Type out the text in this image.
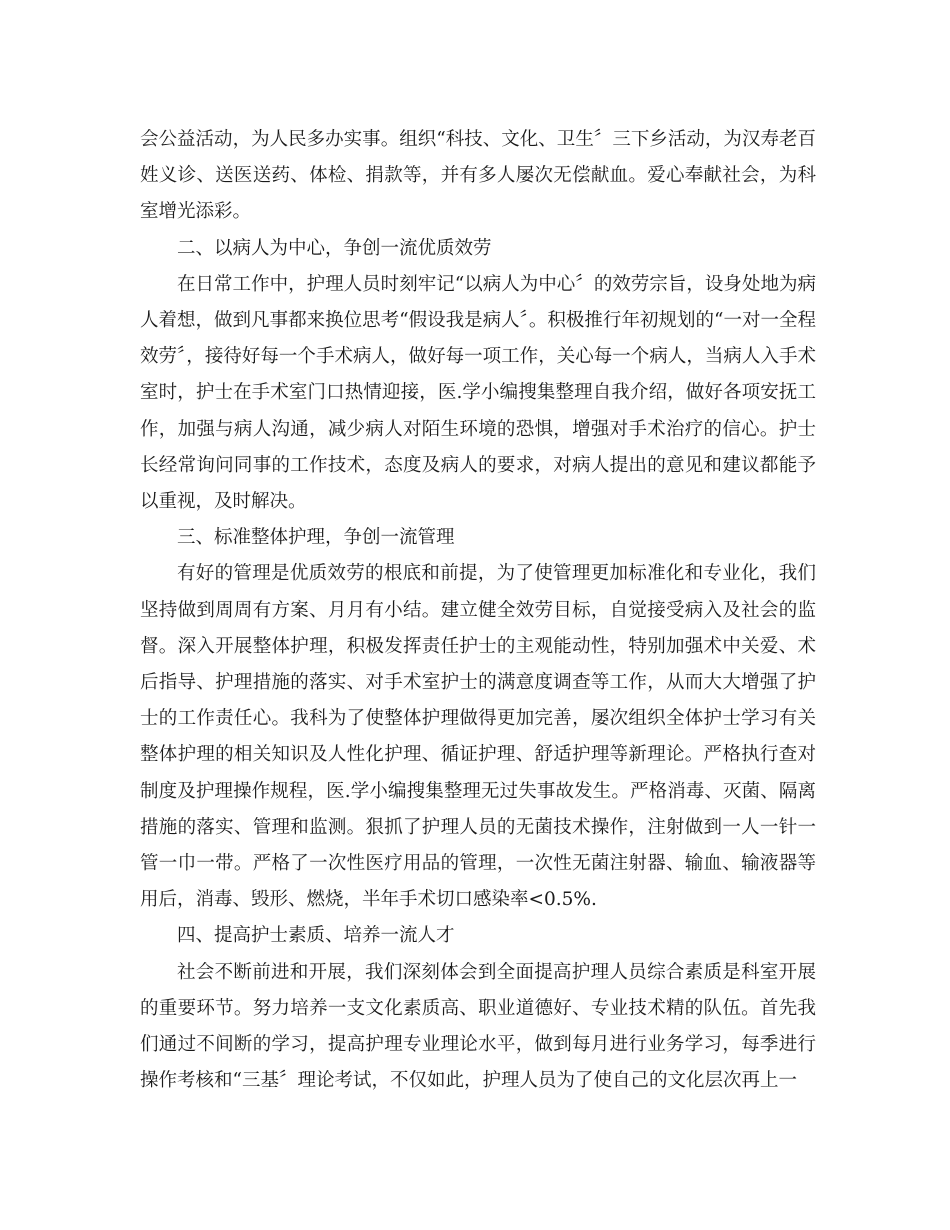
会公益活动，为人民多办实事。组织“科技、文化、卫生〞三下乡活动，为汉寿老百姓义诊、送医送药、体检、捐款等，并有多人屡次无偿献血。爱心奉献社会，为科室增光添彩。

二、以病人为中心，争创一流优质效劳

在日常工作中，护理人员时刻牢记“以病人为中心〞的效劳宗旨，设身处地为病人着想，做到凡事都来换位思考“假设我是病人〞。积极推行年初规划的“一对一全程效劳〞，接待好每一个手术病人，做好每一项工作，关心每一个病人，当病人入手术室时，护士在手术室门口热情迎接，医.学小编搜集整理自我介绍，做好各项安抚工作，加强与病人沟通，减少病人对陌生环境的恐惧，增强对手术治疗的信心。护士长经常询问同事的工作技术，态度及病人的要求，对病人提出的意见和建议都能予以重视，及时解决。

三、标准整体护理，争创一流管理

有好的管理是优质效劳的根底和前提，为了使管理更加标准化和专业化，我们坚持做到周周有方案、月月有小结。建立健全效劳目标，自觉接受病入及社会的监督。深入开展整体护理，积极发挥责任护士的主观能动性，特别加强术中关爱、术后指导、护理措施的落实、对手术室护士的满意度调查等工作，从而大大增强了护士的工作责任心。我科为了使整体护理做得更加完善，屡次组织全体护士学习有关整体护理的相关知识及人性化护理、循证护理、舒适护理等新理论。严格执行查对制度及护理操作规程，医.学小编搜集整理无过失事故发生。严格消毒、灭菌、隔离措施的落实、管理和监测。狠抓了护理人员的无菌技术操作，注射做到一人一针一管一巾一带。严格了一次性医疗用品的管理，一次性无菌注射器、输血、输液器等用后，消毒、毁形、燃烧，半年手术切口感染率<0.5%.

四、提高护士素质、培养一流人才

社会不断前进和开展，我们深刻体会到全面提高护理人员综合素质是科室开展的重要环节。努力培养一支文化素质高、职业道德好、专业技术精的队伍。首先我们通过不间断的学习，提高护理专业理论水平，做到每月进行业务学习，每季进行操作考核和“三基〞理论考试，不仅如此，护理人员为了使自己的文化层次再上一
